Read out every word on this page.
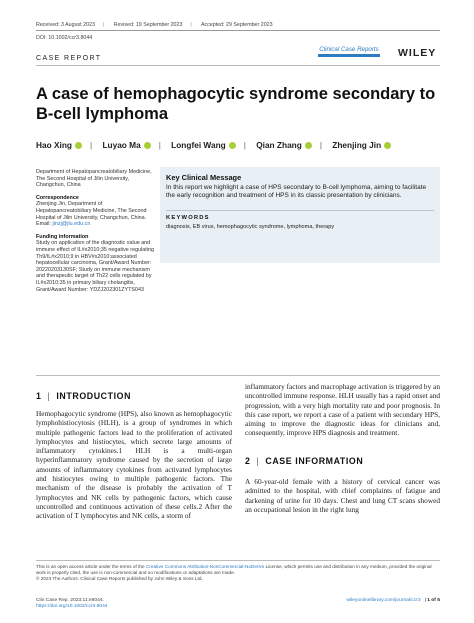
Received: 3 August 2023 | Revised: 19 September 2023 | Accepted: 29 September 2023
DOI: 10.1002/ccr3.8044
Clinical Case Reports WILEY
CASE REPORT
A case of hemophagocytic syndrome secondary to B-cell lymphoma
Hao Xing | Luyao Ma | Longfei Wang | Qian Zhang | Zhenjing Jin

Department of Hepatopancreatobiliary Medicine, The Second Hospital of Jilin University, Changchun, China

Correspondence

Zhenjing Jin, Department of Hepatopancreatobiliary Medicine, The Second Hospital of Jilin University, Changchun, China.

Email: jinzj@jlu.edu.cn

Funding information

Study on application of the diagnostic value and immune effect of IL#x2010;35 negative regulating Th9/IL#x2010;9 in HBV#x2010;associated hepatocellular carcinoma, Grant/Award Number: 20220203130SF; Study on immune mechanism and therapeutic target of Th22 cells regulated by IL#x2010;35 in primary biliary cholangitis, Grant/Award Number: YDZJ202301ZYTS043

Key Clinical Message

In this report we highlight a case of HPS secondary to B-cell lymphoma, aiming to facilitate the early recognition and treatment of HPS in its classic presentation by clinicians.

KEYWORDS
diagnosis, EB virus, hemophagocytic syndrome, lymphoma, therapy
1 | INTRODUCTION

Hemophagocytic syndrome (HPS), also known as hemophagocytic lymphohistiocytosis (HLH), is a group of syndromes in which multiple pathogenic factors lead to the proliferation of activated lymphocytes and histiocytes, which secrete large amounts of inflammatory cytokines.1 HLH is a multi-organ hyperinflammatory syndrome caused by the secretion of large amounts of inflammatory cytokines from activated lymphocytes and histiocytes owing to multiple pathogenic factors. The mechanism of the disease is probably the activation of T lymphocytes and NK cells by pathogenic factors, which cause uncontrolled and continuous activation of these cells.2 After the activation of T lymphocytes and NK cells, a storm of

inflammatory factors and macrophage activation is triggered by an uncontrolled immune response. HLH usually has a rapid onset and progression, with a very high mortality rate and poor prognosis. In this case report, we report a case of a patient with secondary HPS, aiming to improve the diagnostic ideas for clinicians and, consequently, improve HPS diagnosis and treatment.

2 | CASE INFORMATION

A 60-year-old female with a history of cervical cancer was admitted to the hospital, with chief complaints of fatigue and darkening of urine for 10 days. Chest and lung CT scans showed an occupational lesion in the right lung

This is an open access article under the terms of the Creative Commons Attribution-NonCommercial-NoDerivs License, which permits use and distribution in any medium, provided the original work is properly cited, the use is non-commercial and no modifications or adaptations are made.
© 2023 The Authors. Clinical Case Reports published by John Wiley & Sons Ltd.
Clin Case Rep. 2023;11:e8044.
https://doi.org/10.1002/ccr3.8044
wileyonlinelibrary.com/journal/ccr3 | 1 of 5
